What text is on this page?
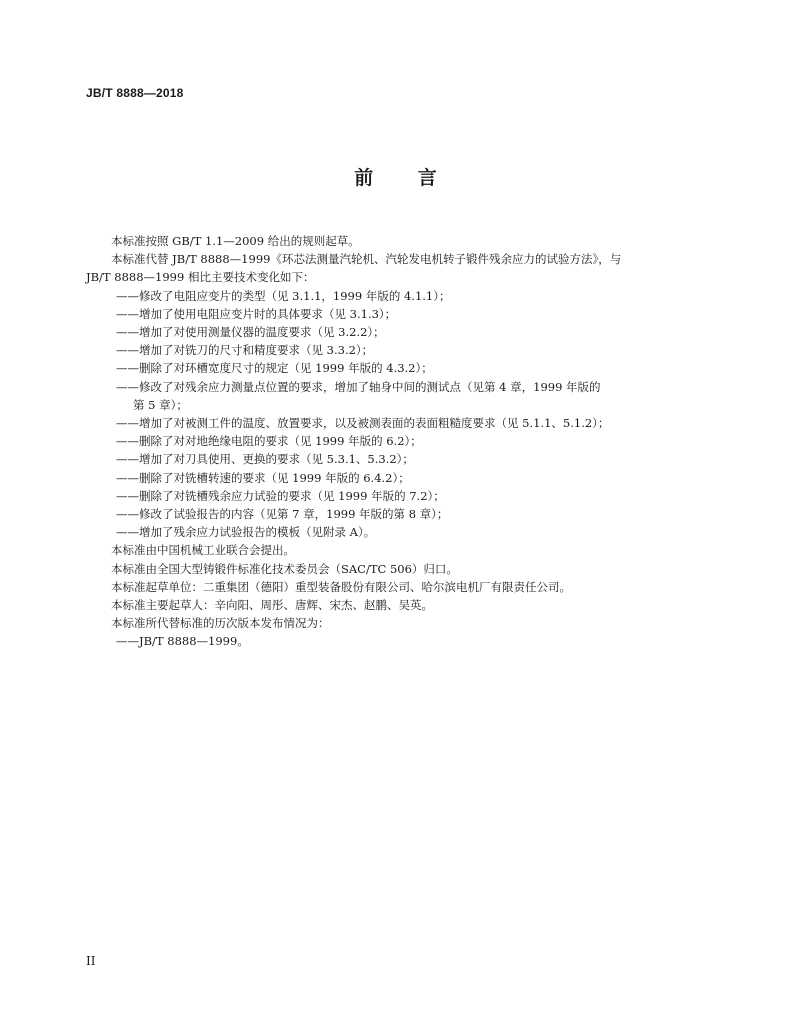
JB/T 8888—2018
前 言

本标准按照 GB/T 1.1—2009 给出的规则起草。

本标准代替 JB/T 8888—1999《环芯法测量汽轮机、汽轮发电机转子锻件残余应力的试验方法》，与

JB/T 8888—1999 相比主要技术变化如下：

——修改了电阻应变片的类型（见 3.1.1，1999 年版的 4.1.1）；

——增加了使用电阻应变片时的具体要求（见 3.1.3）；

——增加了对使用测量仪器的温度要求（见 3.2.2）；

——增加了对铣刀的尺寸和精度要求（见 3.3.2）；

——删除了对环槽宽度尺寸的规定（见 1999 年版的 4.3.2）；

——修改了对残余应力测量点位置的要求，增加了轴身中间的测试点（见第 4 章，1999 年版的

第 5 章）；

——增加了对被测工件的温度、放置要求，以及被测表面的表面粗糙度要求（见 5.1.1、5.1.2）；

——删除了对对地绝缘电阻的要求（见 1999 年版的 6.2）；

——增加了对刀具使用、更换的要求（见 5.3.1、5.3.2）；

——删除了对铣槽转速的要求（见 1999 年版的 6.4.2）；

——删除了对铣槽残余应力试验的要求（见 1999 年版的 7.2）；

——修改了试验报告的内容（见第 7 章，1999 年版的第 8 章）；

——增加了残余应力试验报告的模板（见附录 A）。

本标准由中国机械工业联合会提出。

本标准由全国大型铸锻件标准化技术委员会（SAC/TC 506）归口。

本标准起草单位：二重集团（德阳）重型装备股份有限公司、哈尔滨电机厂有限责任公司。

本标准主要起草人：辛向阳、周彤、唐辉、宋杰、赵鹏、吴英。

本标准所代替标准的历次版本发布情况为：

——JB/T 8888—1999。

II
